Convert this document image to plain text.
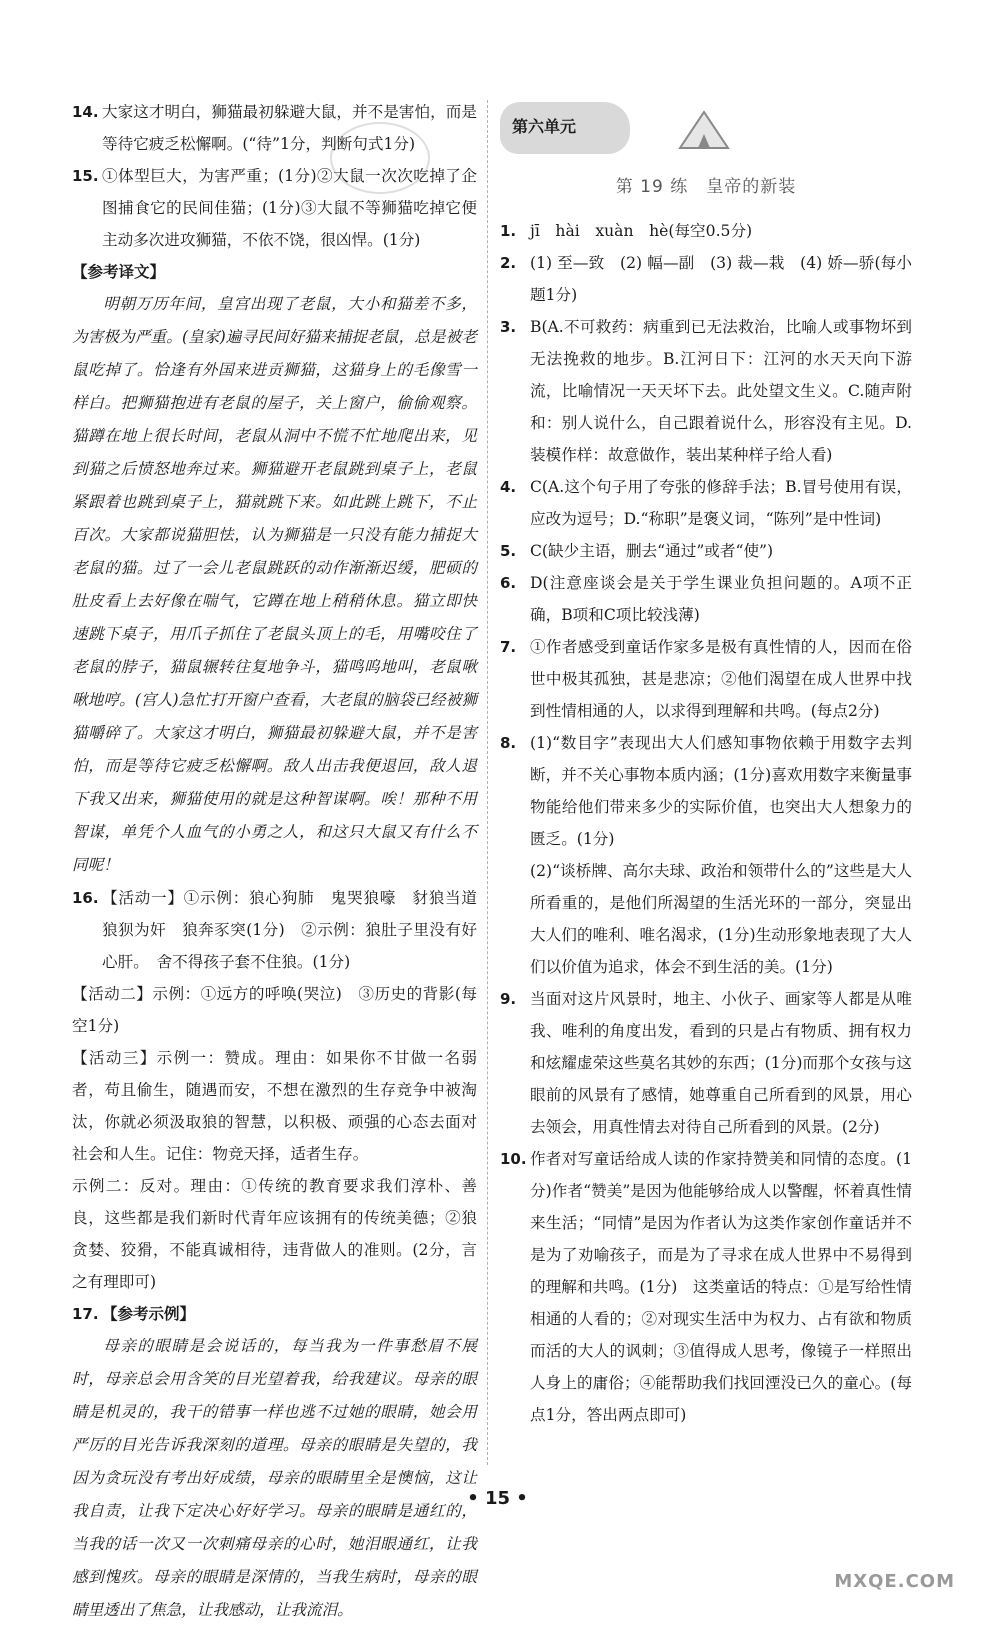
14. 大家这才明白，狮猫最初躲避大鼠，并不是害怕，而是等待它疲乏松懈啊。(“待”1分，判断句式1分)
15. ①体型巨大，为害严重；(1分)②大鼠一次次吃掉了企图捕食它的民间佳猫；(1分)③大鼠不等狮猫吃掉它便主动多次进攻狮猫，不依不饶，很凶悍。(1分)

【参考译文】

明朝万历年间，皇宫出现了老鼠，大小和猫差不多，为害极为严重。(皇家)遍寻民间好猫来捕捉老鼠，总是被老鼠吃掉了。恰逢有外国来进贡狮猫，这猫身上的毛像雪一样白。把狮猫抱进有老鼠的屋子，关上窗户，偷偷观察。猫蹲在地上很长时间，老鼠从洞中不慌不忙地爬出来，见到猫之后愤怒地奔过来。狮猫避开老鼠跳到桌子上，老鼠紧跟着也跳到桌子上，猫就跳下来。如此跳上跳下，不止百次。大家都说猫胆怯，认为狮猫是一只没有能力捕捉大老鼠的猫。过了一会儿老鼠跳跃的动作渐渐迟缓，肥硕的肚皮看上去好像在喘气，它蹲在地上稍稍休息。猫立即快速跳下桌子，用爪子抓住了老鼠头顶上的毛，用嘴咬住了老鼠的脖子，猫鼠辗转往复地争斗，猫鸣呜地叫，老鼠啾啾地哼。(宫人)急忙打开窗户查看，大老鼠的脑袋已经被狮猫嚼碎了。大家这才明白，狮猫最初躲避大鼠，并不是害怕，而是等待它疲乏松懈啊。敌人出击我便退回，敌人退下我又出来，狮猫使用的就是这种智谋啊。唉！那种不用智谋，单凭个人血气的小勇之人，和这只大鼠又有什么不同呢！

16. 【活动一】①示例：狼心狗肺　鬼哭狼嚎　豺狼当道　狼狈为奸　狼奔豕突(1分)　②示例：狼肚子里没有好心肝。　舍不得孩子套不住狼。(1分)
【活动二】示例：①远方的呼唤(哭泣)　③历史的背影(每空1分)
【活动三】示例一：赞成。理由：如果你不甘做一名弱者，苟且偷生，随遇而安，不想在激烈的生存竞争中被淘汰，你就必须汲取狼的智慧，以积极、顽强的心态去面对社会和人生。记住：物竞天择，适者生存。
示例二：反对。理由：①传统的教育要求我们淳朴、善良，这些都是我们新时代青年应该拥有的传统美德；②狼贪婪、狡猾，不能真诚相待，违背做人的准则。(2分，言之有理即可)
17. 【参考示例】

母亲的眼睛是会说话的，每当我为一件事愁眉不展时，母亲总会用含笑的目光望着我，给我建议。母亲的眼睛是机灵的，我干的错事一样也逃不过她的眼睛，她会用严厉的目光告诉我深刻的道理。母亲的眼睛是失望的，我因为贪玩没有考出好成绩，母亲的眼睛里全是懊恼，这让我自责，让我下定决心好好学习。母亲的眼睛是通红的，当我的话一次又一次刺痛母亲的心时，她泪眼通红，让我感到愧疚。母亲的眼睛是深情的，当我生病时，母亲的眼睛里透出了焦急，让我感动，让我流泪。

第六单元
第 19 练　皇帝的新装
1. jī　hài　xuàn　hè(每空0.5分)
2. (1) 至—致　(2) 幅—副　(3) 裁—栽　(4) 娇—骄(每小题1分)
3. B(A.不可救药：病重到已无法救治，比喻人或事物坏到无法挽救的地步。B.江河日下：江河的水天天向下游流，比喻情况一天天坏下去。此处望文生义。C.随声附和：别人说什么，自己跟着说什么，形容没有主见。D.装模作样：故意做作，装出某种样子给人看)
4. C(A.这个句子用了夸张的修辞手法；B.冒号使用有误，应改为逗号；D.“称职”是褒义词，“陈列”是中性词)
5. C(缺少主语，删去“通过”或者“使”)
6. D(注意座谈会是关于学生课业负担问题的。A项不正确，B项和C项比较浅薄)
7. ①作者感受到童话作家多是极有真性情的人，因而在俗世中极其孤独，甚是悲凉；②他们渴望在成人世界中找到性情相通的人，以求得到理解和共鸣。(每点2分)
8. (1)“数目字”表现出大人们感知事物依赖于用数字去判断，并不关心事物本质内涵；(1分)喜欢用数字来衡量事物能给他们带来多少的实际价值，也突出大人想象力的匮乏。(1分)
(2)“谈桥牌、高尔夫球、政治和领带什么的”这些是大人所看重的，是他们所渴望的生活光环的一部分，突显出大人们的唯利、唯名渴求，(1分)生动形象地表现了大人们以价值为追求，体会不到生活的美。(1分)
9. 当面对这片风景时，地主、小伙子、画家等人都是从唯我、唯利的角度出发，看到的只是占有物质、拥有权力和炫耀虚荣这些莫名其妙的东西；(1分)而那个女孩与这眼前的风景有了感情，她尊重自己所看到的风景，用心去领会，用真性情去对待自己所看到的风景。(2分)
10. 作者对写童话给成人读的作家持赞美和同情的态度。(1分)作者“赞美”是因为他能够给成人以警醒，怀着真性情来生活；“同情”是因为作者认为这类作家创作童话并不是为了劝喻孩子，而是为了寻求在成人世界中不易得到的理解和共鸣。(1分)　这类童话的特点：①是写给性情相通的人看的；②对现实生活中为权力、占有欲和物质而活的大人的讽刺；③值得成人思考，像镜子一样照出人身上的庸俗；④能帮助我们找回湮没已久的童心。(每点1分，答出两点即可)
• 15 •
MXQE.COM
